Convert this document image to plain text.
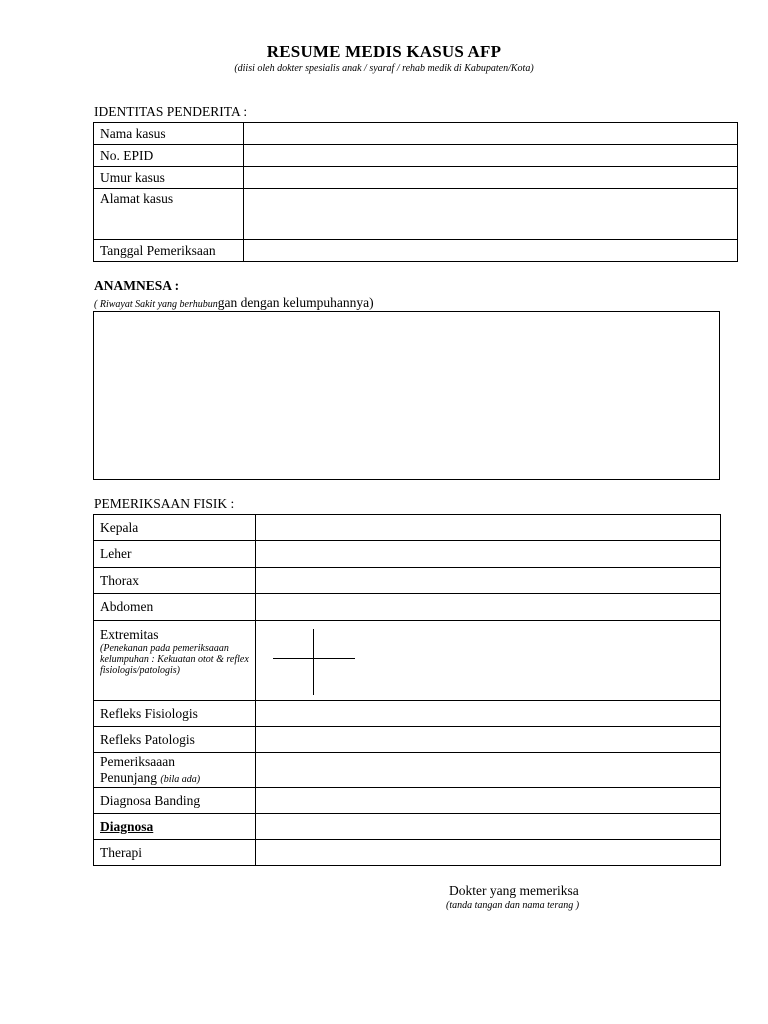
RESUME MEDIS KASUS AFP
(diisi oleh dokter spesialis anak / syaraf / rehab medik di Kabupaten/Kota)
IDENTITAS PENDERITA :
Nama kasus	
No. EPID	
Umur kasus	
Alamat kasus	
Tanggal Pemeriksaan	
ANAMNESA :
( Riwayat Sakit yang berhubungan dengan kelumpuhannya)
PEMERIKSAAN FISIK :
Kepala	
Leher	
Thorax	
Abdomen	

Extremitas
(Penekanan pada pemeriksaaan kelumpuhan : Kekuatan otot & reflex fisiologis/patologis)	

Refleks Fisiologis	
Refleks Patologis	

Pemeriksaaan
Penunjang (bila ada)	

Diagnosa Banding	
Diagnosa	
Therapi	
Dokter yang memeriksa
(tanda tangan dan nama terang )
